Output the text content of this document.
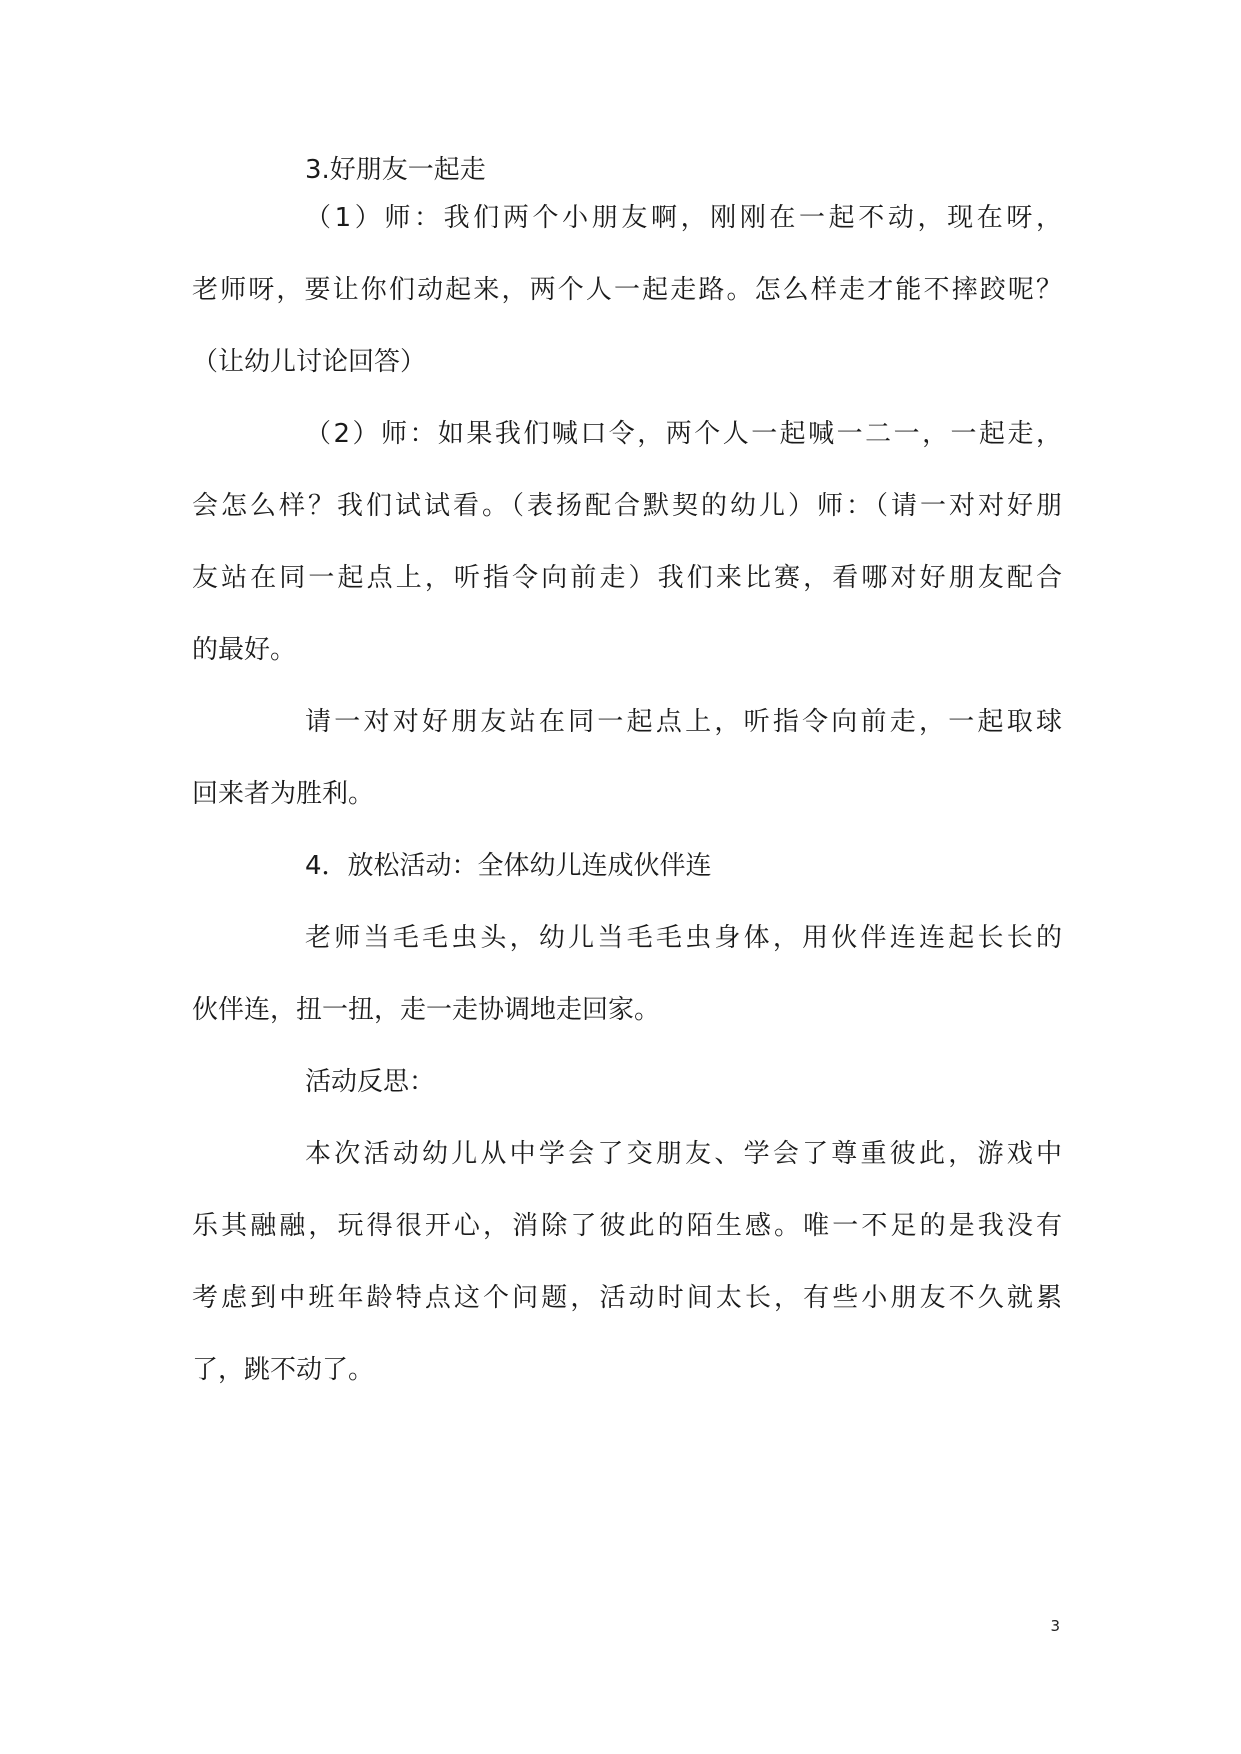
3.好朋友一起走
（1）师：我们两个小朋友啊，刚刚在一起不动，现在呀，
老师呀，要让你们动起来，两个人一起走路。怎么样走才能不摔跤呢？
（让幼儿讨论回答）
（2）师：如果我们喊口令，两个人一起喊一二一，一起走，
会怎么样？我们试试看。（表扬配合默契的幼儿）师：（请一对对好朋
友站在同一起点上，听指令向前走）我们来比赛，看哪对好朋友配合
的最好。
请一对对好朋友站在同一起点上，听指令向前走，一起取球
回来者为胜利。
4．放松活动：全体幼儿连成伙伴连
老师当毛毛虫头，幼儿当毛毛虫身体，用伙伴连连起长长的
伙伴连，扭一扭，走一走协调地走回家。
活动反思：
本次活动幼儿从中学会了交朋友、学会了尊重彼此，游戏中
乐其融融，玩得很开心，消除了彼此的陌生感。唯一不足的是我没有
考虑到中班年龄特点这个问题，活动时间太长，有些小朋友不久就累
了，跳不动了。
3
